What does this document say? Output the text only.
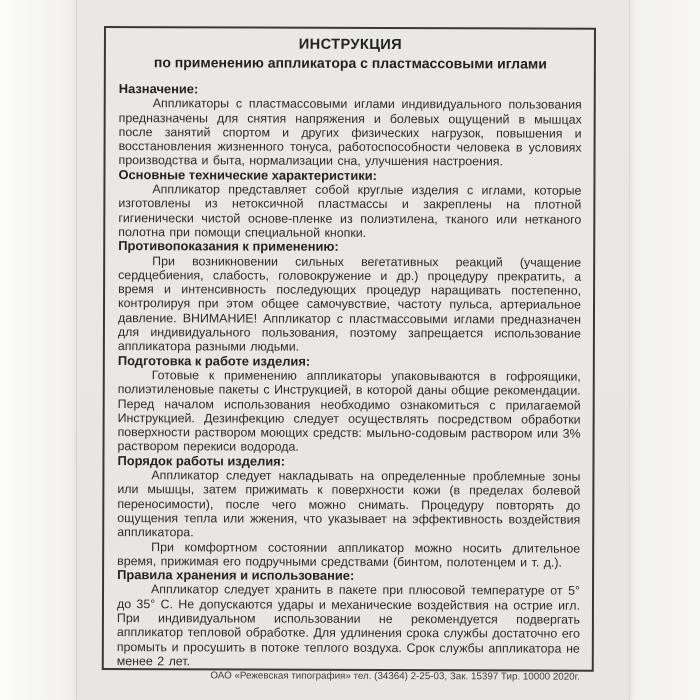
ИНСТРУКЦИЯ
по применению аппликатора с пластмассовыми иглами
Назначение:

Аппликаторы с пластмассовыми иглами индивидуального пользования предназначены для снятия напряжения и болевых ощущений в мышцах после занятий спортом и других физических нагрузок, повышения и восстановления жизненного тонуса, работоспособности человека в условиях производства и быта, нормализации сна, улучшения настроения.

Основные технические характеристики:

Аппликатор представляет собой круглые изделия с иглами, которые изготовлены из нетоксичной пластмассы и закреплены на плотной гигиенически чистой основе-пленке из полиэтилена, тканого или нетканого полотна при помощи специальной кнопки.

Противопоказания к применению:

При возникновении сильных вегетативных реакций (учащение сердцебиения, слабость, головокружение и др.) процедуру прекратить, а время и интенсивность последующих процедур наращивать постепенно, контролируя при этом общее самочувствие, частоту пульса, артериальное давление. ВНИМАНИЕ! Аппликатор с пластмассовыми иглами предназначен для индивидуального пользования, поэтому запрещается использование аппликатора разными людьми.

Подготовка к работе изделия:

Готовые к применению аппликаторы упаковываются в гофроящики, полиэтиленовые пакеты с Инструкцией, в которой даны общие рекомендации. Перед началом использования необходимо ознакомиться с прилагаемой Инструкцией. Дезинфекцию следует осуществлять посредством обработки поверхности раствором моющих средств: мыльно-содовым раствором или 3% раствором перекиси водорода.

Порядок работы изделия:

Аппликатор следует накладывать на определенные проблемные зоны или мышцы, затем прижимать к поверхности кожи (в пределах болевой переносимости), после чего можно снимать. Процедуру повторять до ощущения тепла или жжения, что указывает на эффективность воздействия аппликатора.

При комфортном состоянии аппликатор можно носить длительное время, прижимая его подручными средствами (бинтом, полотенцем и т. д.).

Правила хранения и использование:

Аппликатор следует хранить в пакете при плюсовой температуре от 5° до 35° С. Не допускаются удары и механические воздействия на острие игл. При индивидуальном использовании не рекомендуется подвергать аппликатор тепловой обработке. Для удлинения срока службы достаточно его промыть и просушить в потоке теплого воздуха. Срок службы аппликатора не менее 2 лет.

ОАО «Режевская типография» тел. (34364) 2-25-03, Зак. 15397 Тир. 10000 2020г.
